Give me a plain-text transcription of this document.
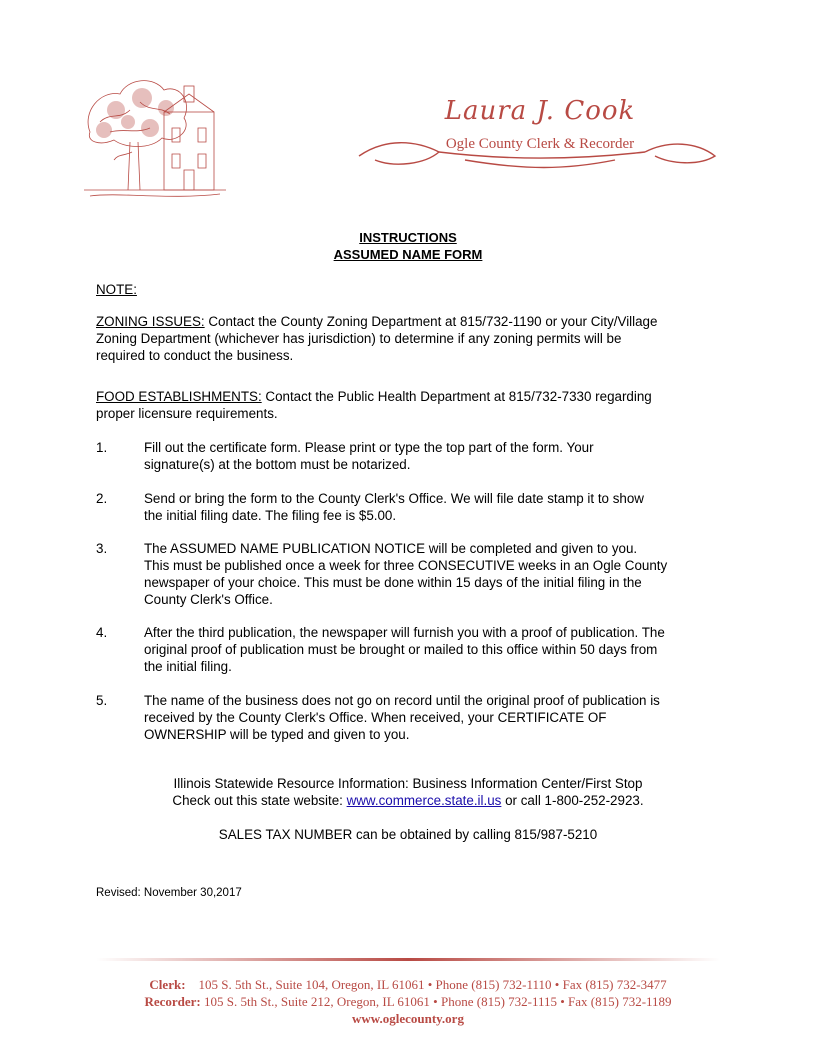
Laura J. Cook
Ogle County Clerk & Recorder
INSTRUCTIONS
ASSUMED NAME FORM
NOTE:
ZONING ISSUES: Contact the County Zoning Department at 815/732-1190 or your City/Village
Zoning Department (whichever has jurisdiction) to determine if any zoning permits will be
required to conduct the business.
FOOD ESTABLISHMENTS: Contact the Public Health Department at 815/732-7330 regarding
proper licensure requirements.
1.	Fill out the certificate form. Please print or type the top part of the form. Your
signature(s) at the bottom must be notarized.
2.	Send or bring the form to the County Clerk's Office. We will file date stamp it to show
the initial filing date. The filing fee is $5.00.
3.	The ASSUMED NAME PUBLICATION NOTICE will be completed and given to you.
This must be published once a week for three CONSECUTIVE weeks in an Ogle County
newspaper of your choice. This must be done within 15 days of the initial filing in the
County Clerk's Office.
4.	After the third publication, the newspaper will furnish you with a proof of publication. The
original proof of publication must be brought or mailed to this office within 50 days from
the initial filing.
5.	The name of the business does not go on record until the original proof of publication is
received by the County Clerk's Office. When received, your CERTIFICATE OF
OWNERSHIP will be typed and given to you.
Illinois Statewide Resource Information: Business Information Center/First Stop
Check out this state website: www.commerce.state.il.us or call 1-800-252-2923.
SALES TAX NUMBER can be obtained by calling 815/987-5210
Revised: November 30,2017
Clerk: 105 S. 5th St., Suite 104, Oregon, IL 61061 • Phone (815) 732-1110 • Fax (815) 732-3477
Recorder: 105 S. 5th St., Suite 212, Oregon, IL 61061 • Phone (815) 732-1115 • Fax (815) 732-1189
www.oglecounty.org
